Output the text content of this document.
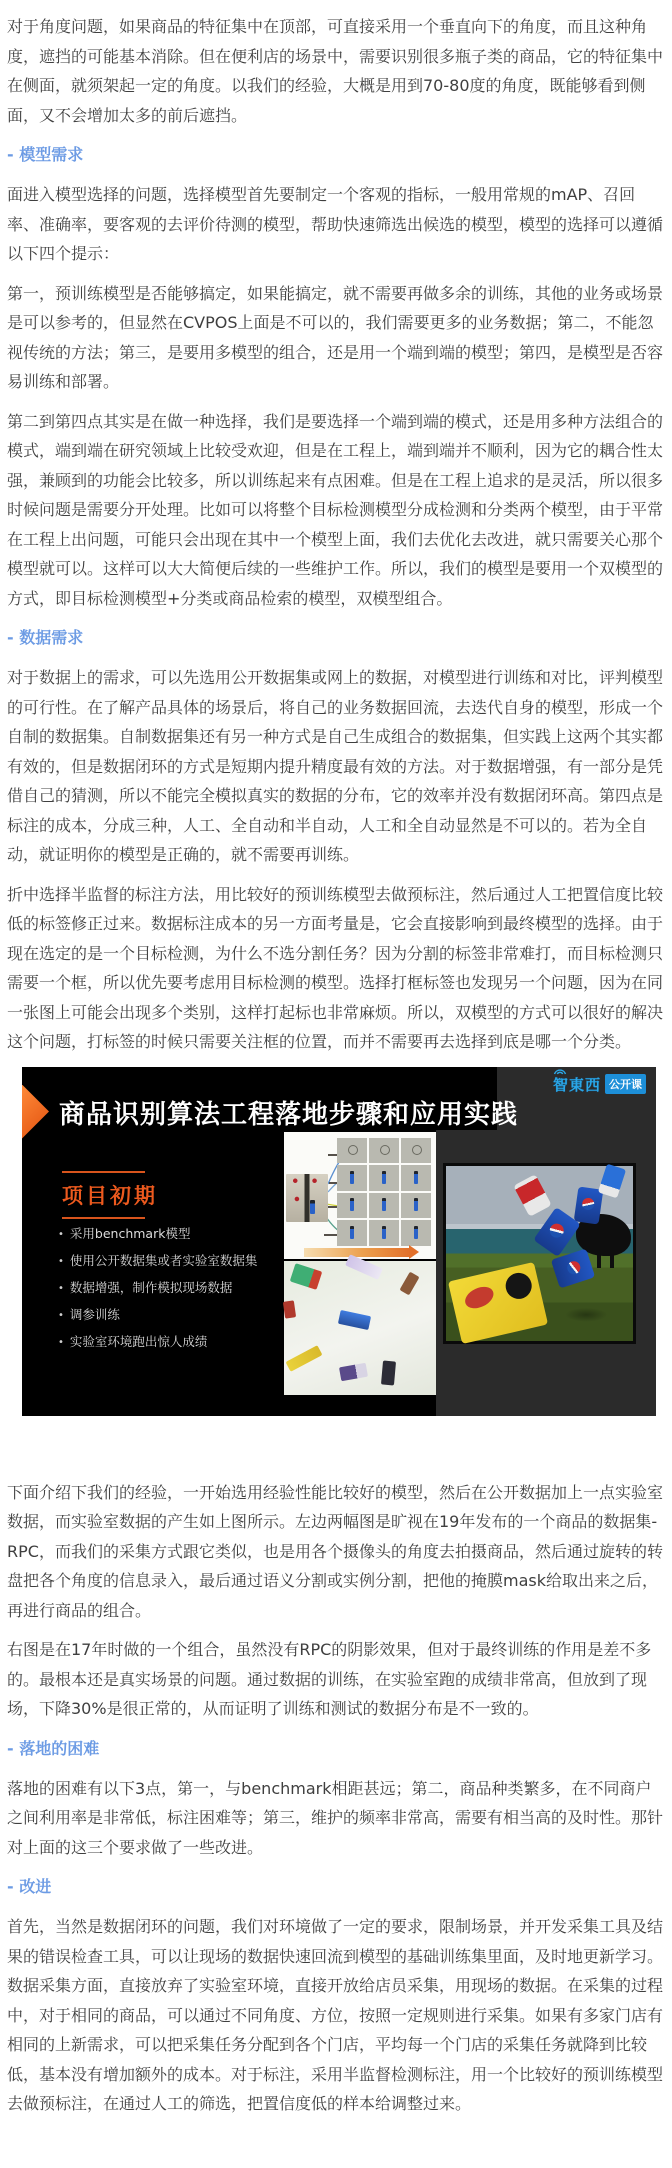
对于角度问题，如果商品的特征集中在顶部，可直接采用一个垂直向下的角度，而且这种角度，遮挡的可能基本消除。但在便利店的场景中，需要识别很多瓶子类的商品，它的特征集中在侧面，就须架起一定的角度。以我们的经验，大概是用到70-80度的角度，既能够看到侧面，又不会增加太多的前后遮挡。

- 模型需求

面进入模型选择的问题，选择模型首先要制定一个客观的指标，一般用常规的mAP、召回率、准确率，要客观的去评价待测的模型，帮助快速筛选出候选的模型，模型的选择可以遵循以下四个提示：

第一，预训练模型是否能够搞定，如果能搞定，就不需要再做多余的训练，其他的业务或场景是可以参考的，但显然在CVPOS上面是不可以的，我们需要更多的业务数据；第二，不能忽视传统的方法；第三，是要用多模型的组合，还是用一个端到端的模型；第四，是模型是否容易训练和部署。

第二到第四点其实是在做一种选择，我们是要选择一个端到端的模式，还是用多种方法组合的模式，端到端在研究领域上比较受欢迎，但是在工程上，端到端并不顺利，因为它的耦合性太强，兼顾到的功能会比较多，所以训练起来有点困难。但是在工程上追求的是灵活，所以很多时候问题是需要分开处理。比如可以将整个目标检测模型分成检测和分类两个模型，由于平常在工程上出问题，可能只会出现在其中一个模型上面，我们去优化去改进，就只需要关心那个模型就可以。这样可以大大简便后续的一些维护工作。所以，我们的模型是要用一个双模型的方式，即目标检测模型+分类或商品检索的模型，双模型组合。

- 数据需求

对于数据上的需求，可以先选用公开数据集或网上的数据，对模型进行训练和对比，评判模型的可行性。在了解产品具体的场景后，将自己的业务数据回流，去迭代自身的模型，形成一个自制的数据集。自制数据集还有另一种方式是自己生成组合的数据集，但实践上这两个其实都有效的，但是数据闭环的方式是短期内提升精度最有效的方法。对于数据增强，有一部分是凭借自己的猜测，所以不能完全模拟真实的数据的分布，它的效率并没有数据闭环高。第四点是标注的成本，分成三种，人工、全自动和半自动，人工和全自动显然是不可以的。若为全自动，就证明你的模型是正确的，就不需要再训练。

折中选择半监督的标注方法，用比较好的预训练模型去做预标注，然后通过人工把置信度比较低的标签修正过来。数据标注成本的另一方面考量是，它会直接影响到最终模型的选择。由于现在选定的是一个目标检测，为什么不选分割任务？因为分割的标签非常难打，而目标检测只需要一个框，所以优先要考虑用目标检测的模型。选择打框标签也发现另一个问题，因为在同一张图上可能会出现多个类别，这样打起标也非常麻烦。所以，双模型的方式可以很好的解决这个问题，打标签的时候只需要关注框的位置，而并不需要再去选择到底是哪一个分类。

商品识别算法工程落地步骤和应用实践
智東西 公开课
项目初期
• 采用benchmark模型
• 使用公开数据集或者实验室数据集
• 数据增强，制作模拟现场数据
• 调参训练
• 实验室环境跑出惊人成绩

下面介绍下我们的经验，一开始选用经验性能比较好的模型，然后在公开数据加上一点实验室数据，而实验室数据的产生如上图所示。左边两幅图是旷视在19年发布的一个商品的数据集-RPC，而我们的采集方式跟它类似，也是用各个摄像头的角度去拍摄商品，然后通过旋转的转盘把各个角度的信息录入，最后通过语义分割或实例分割，把他的掩膜mask给取出来之后，再进行商品的组合。

右图是在17年时做的一个组合，虽然没有RPC的阴影效果，但对于最终训练的作用是差不多的。最根本还是真实场景的问题。通过数据的训练，在实验室跑的成绩非常高，但放到了现场，下降30%是很正常的，从而证明了训练和测试的数据分布是不一致的。

- 落地的困难

落地的困难有以下3点，第一，与benchmark相距甚远；第二，商品种类繁多，在不同商户之间利用率是非常低，标注困难等；第三，维护的频率非常高，需要有相当高的及时性。那针对上面的这三个要求做了一些改进。

- 改进

首先，当然是数据闭环的问题，我们对环境做了一定的要求，限制场景，并开发采集工具及结果的错误检查工具，可以让现场的数据快速回流到模型的基础训练集里面，及时地更新学习。数据采集方面，直接放弃了实验室环境，直接开放给店员采集，用现场的数据。在采集的过程中，对于相同的商品，可以通过不同角度、方位，按照一定规则进行采集。如果有多家门店有相同的上新需求，可以把采集任务分配到各个门店，平均每一个门店的采集任务就降到比较低，基本没有增加额外的成本。对于标注，采用半监督检测标注，用一个比较好的预训练模型去做预标注，在通过人工的筛选，把置信度低的样本给调整过来。
